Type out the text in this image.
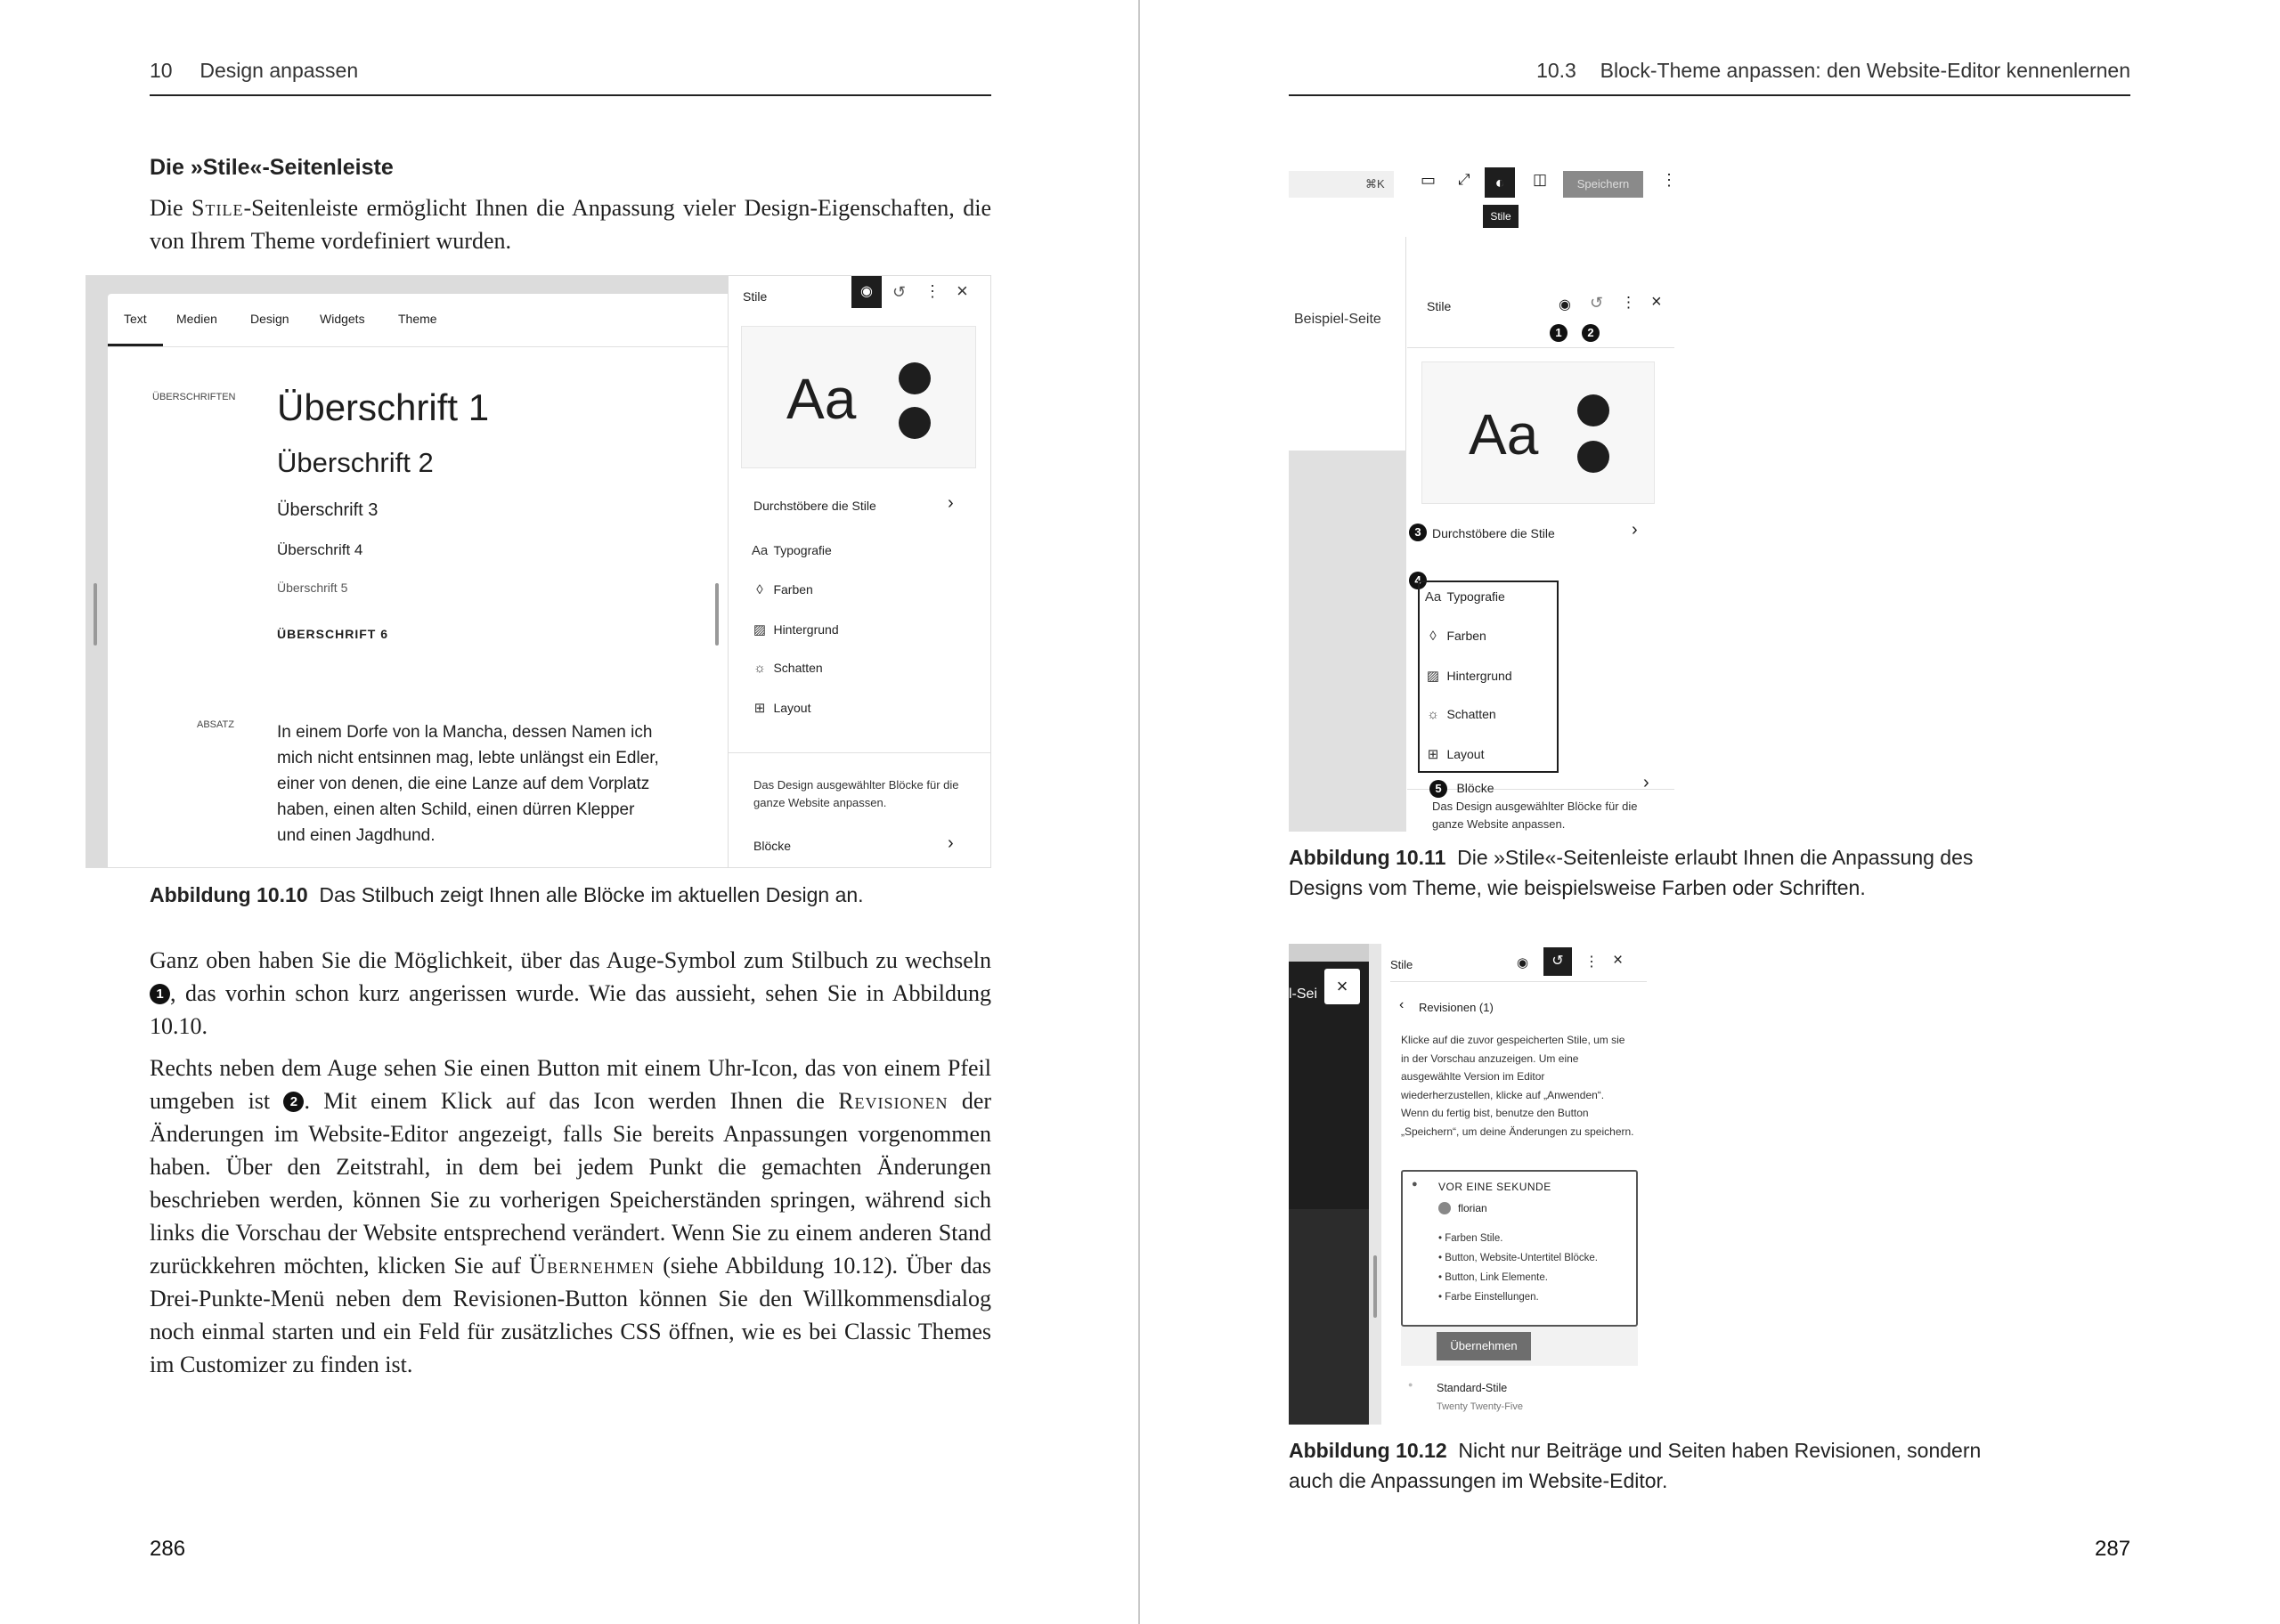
10 Design anpassen
Die »Stile«-Seitenleiste
Die Stile-Seitenleiste ermöglicht Ihnen die Anpassung vieler Design-Eigenschaften, die von Ihrem Theme vordefiniert wurden.
Text Medien	Design Widgets	Theme
ÜBERSCHRIFTEN Überschrift 1
Überschrift 2
Überschrift 3
Überschrift 4
Überschrift 5
ÜBERSCHRIFT 6
ABSATZ	In einem Dorfe von la Mancha, dessen Namen ich mich nicht entsinnen mag, lebte unlängst ein Edler, einer von denen, die eine Lanze auf dem Vorplatz haben, einen alten Schild, einen dürren Klepper und einen Jagdhund.
Stile	◉	↺ ⋮ ×
Aa
Durchstöbere die Stile	›
Aa Typografie
◊ Farben
▨ Hintergrund
☼ Schatten
⊞ Layout
Das Design ausgewählter Blöcke für die ganze Website anpassen.
Blöcke	›
Abbildung 10.10 Das Stilbuch zeigt Ihnen alle Blöcke im aktuellen Design an.
Ganz oben haben Sie die Möglichkeit, über das Auge-Symbol zum Stilbuch zu wechseln 1 , das vorhin schon kurz angerissen wurde. Wie das aussieht, sehen Sie in Abbildung 10.10.
Rechts neben dem Auge sehen Sie einen Button mit einem Uhr-Icon, das von einem Pfeil umgeben ist 2 . Mit einem Klick auf das Icon werden Ihnen die Revisionen der Änderungen im Website-Editor angezeigt, falls Sie bereits Anpassungen vorgenommen haben. Über den Zeitstrahl, in dem bei jedem Punkt die gemachten Änderungen beschrieben werden, können Sie zu vorherigen Speicherständen springen, während sich links die Vorschau der Website entsprechend verändert. Wenn Sie zu einem anderen Stand zurückkehren möchten, klicken Sie auf Übernehmen (siehe Abbildung 10.12). Über das Drei-Punkte-Menü neben dem Revisionen-Button können Sie den Willkommensdialog noch einmal starten und ein Feld für zusätzliches CSS öffnen, wie es bei Classic Themes im Customizer zu finden ist.
286
10.3 Block-Theme anpassen: den Website-Editor kennenlernen
⌘K ▭ ⤢	◐	◫	Speichern	⋮
Stile
Beispiel-Seite
Stile	◉ ↺ ⋮ ×
1	2
Aa
3 Durchstöbere die Stile	›
4
Aa Typografie
◊ Farben
▨ Hintergrund
☼ Schatten
⊞ Layout
Das Design ausgewählter Blöcke für die ganze Website anpassen.
5 Blöcke	›
Abbildung 10.11 Die »Stile«-Seitenleiste erlaubt Ihnen die Anpassung des Designs vom Theme, wie beispielsweise Farben oder Schriften.
l-Sei ×
Stile	◉	↺	⋮ ×
‹ Revisionen (1)
Klicke auf die zuvor gespeicherten Stile, um sie in der Vorschau anzuzeigen. Um eine ausgewählte Version im Editor wiederherzustellen, klicke auf „Anwenden“. Wenn du fertig bist, benutze den Button „Speichern“, um deine Änderungen zu speichern.
● VOR EINE SEKUNDE
florian
• Farben Stile.
• Button, Website-Untertitel Blöcke.
• Button, Link Elemente.
• Farbe Einstellungen.
Übernehmen
● Standard-Stile
Twenty Twenty-Five
Abbildung 10.12 Nicht nur Beiträge und Seiten haben Revisionen, sondern auch die Anpassungen im Website-Editor.
287
